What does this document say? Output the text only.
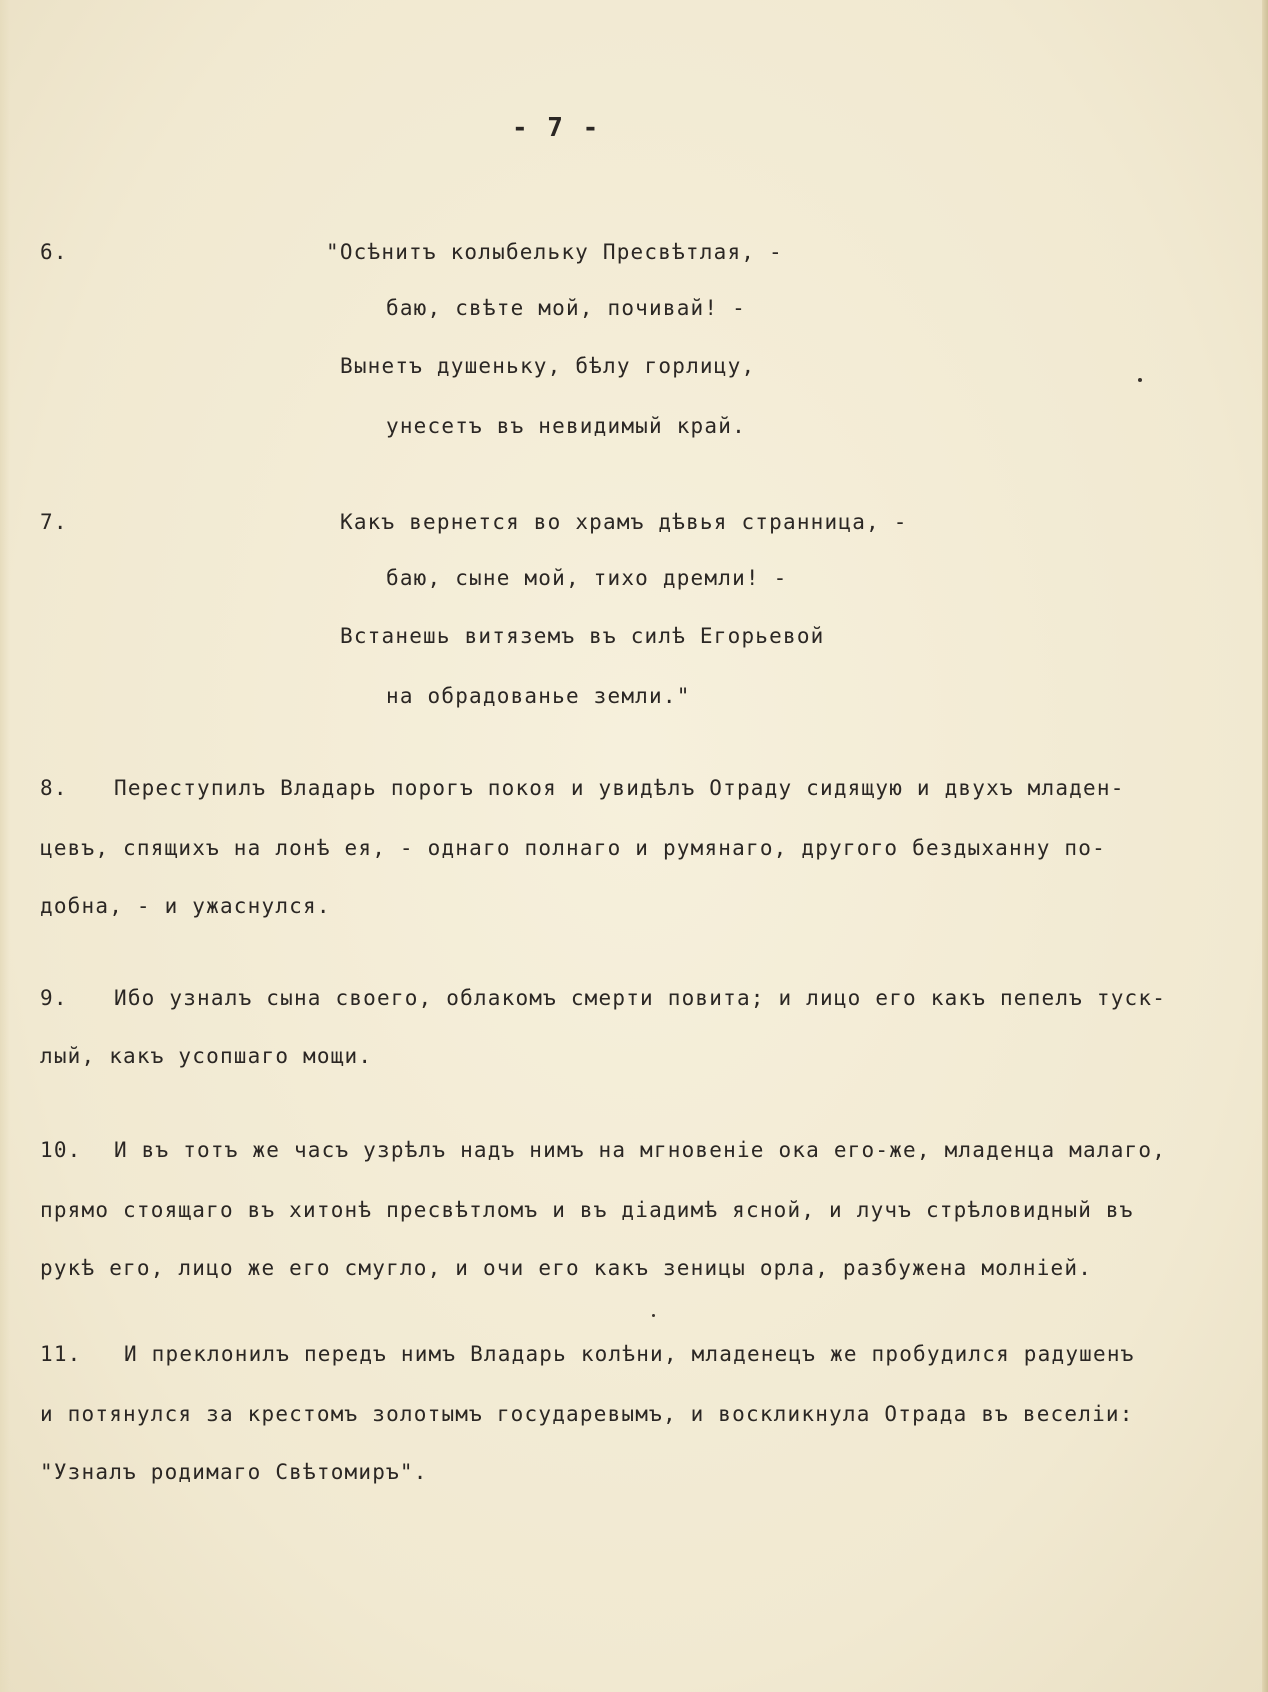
- 7 -
6.	"Осѣнитъ колыбельку Пресвѣтлая, -
баю, свѣте мой, почивай! -
Вынетъ душеньку, бѣлу горлицу,
унесетъ въ невидимый край.
7.	Какъ вернется во храмъ дѣвья странница, -
баю, сыне мой, тихо дремли! -
Встанешь витяземъ въ силѣ Егорьевой
на обрадованье земли."
8. Переступилъ Владарь порогъ покоя и увидѣлъ Отраду сидящую и двухъ младен-
цевъ, спящихъ на лонѣ ея, - однаго полнаго и румянаго, другого бездыханну по-
добна, - и ужаснулся.
9. Ибо узналъ сына своего, облакомъ смерти повита; и лицо его какъ пепелъ туск-
лый, какъ усопшаго мощи.
10. И въ тотъ же часъ узрѣлъ надъ нимъ на мгновеніе ока его-же, младенца малаго,
прямо стоящаго въ хитонѣ пресвѣтломъ и въ діадимѣ ясной, и лучъ стрѣловидный въ
рукѣ его, лицо же его смугло, и очи его какъ зеницы орла, разбужена молніей.
11. И преклонилъ передъ нимъ Владарь колѣни, младенецъ же пробудился радушенъ
и потянулся за крестомъ золотымъ государевымъ, и воскликнула Отрада въ веселіи:
"Узналъ родимаго Свѣтомиръ".
